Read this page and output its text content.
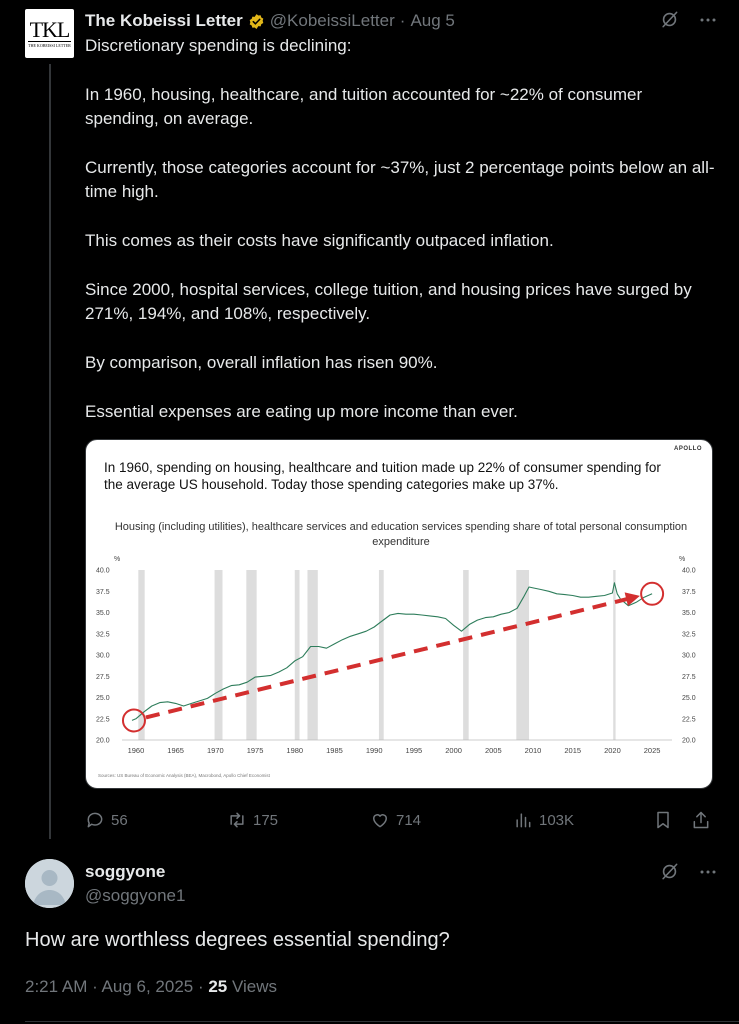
TKL
THE KOBEISSI LETTER
The Kobeissi Letter @KobeissiLetter · Aug 5
Discretionary spending is declining:

In 1960, housing, healthcare, and tuition accounted for ~22% of consumer spending, on average.

Currently, those categories account for ~37%, just 2 percentage points below an all-time high.

This comes as their costs have significantly outpaced inflation.

Since 2000, hospital services, college tuition, and housing prices have surged by 271%, 194%, and 108%, respectively.

By comparison, overall inflation has risen 90%.

Essential expenses are eating up more income than ever.
APOLLO
In 1960, spending on housing, healthcare and tuition made up 22% of consumer spending for the average US household. Today those spending categories make up 37%.
Housing (including utilities), healthcare services and education services spending share of total personal consumption expenditure
%	%
40.0	40.0
37.5	37.5
35.0	35.0
32.5	32.5
30.0	30.0
27.5	27.5
25.0	25.0
22.5	22.5
20.0	20.0
1960	1965	1970	1975	1980	1985	1990	1995	2000	2005	2010	2015	2020	2025
Sources: US Bureau of Economic Analysis (BEA), Macrobond, Apollo Chief Economist
56	175	714	103K
soggyone
@soggyone1
How are worthless degrees essential spending?
2:21 AM · Aug 6, 2025 · 25 Views
